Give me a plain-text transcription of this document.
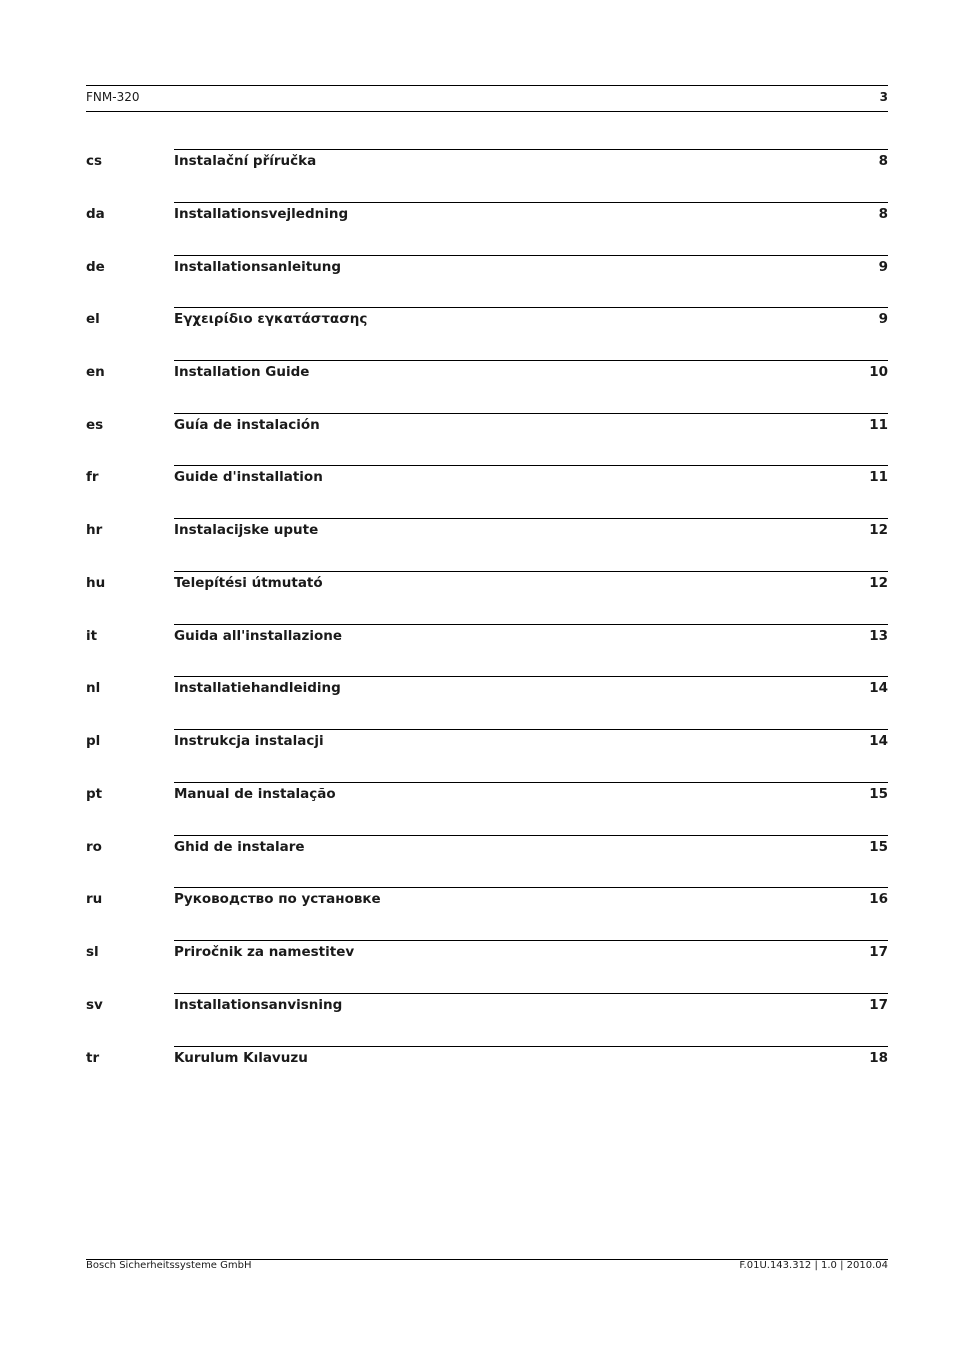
FNM-320	3
cs	Instalační příručka	8
da	Installationsvejledning	8
de	Installationsanleitung	9
el	Εγχειρίδιο εγκατάστασης	9
en	Installation Guide	10
es	Guía de instalación	11
fr	Guide d'installation	11
hr	Instalacijske upute	12
hu	Telepítési útmutató	12
it	Guida all'installazione	13
nl	Installatiehandleiding	14
pl	Instrukcja instalacji	14
pt	Manual de instalação	15
ro	Ghid de instalare	15
ru	Руководство по установке	16
sl	Priročnik za namestitev	17
sv	Installationsanvisning	17
tr	Kurulum Kılavuzu	18
Bosch Sicherheitssysteme GmbH	F.01U.143.312 | 1.0 | 2010.04
